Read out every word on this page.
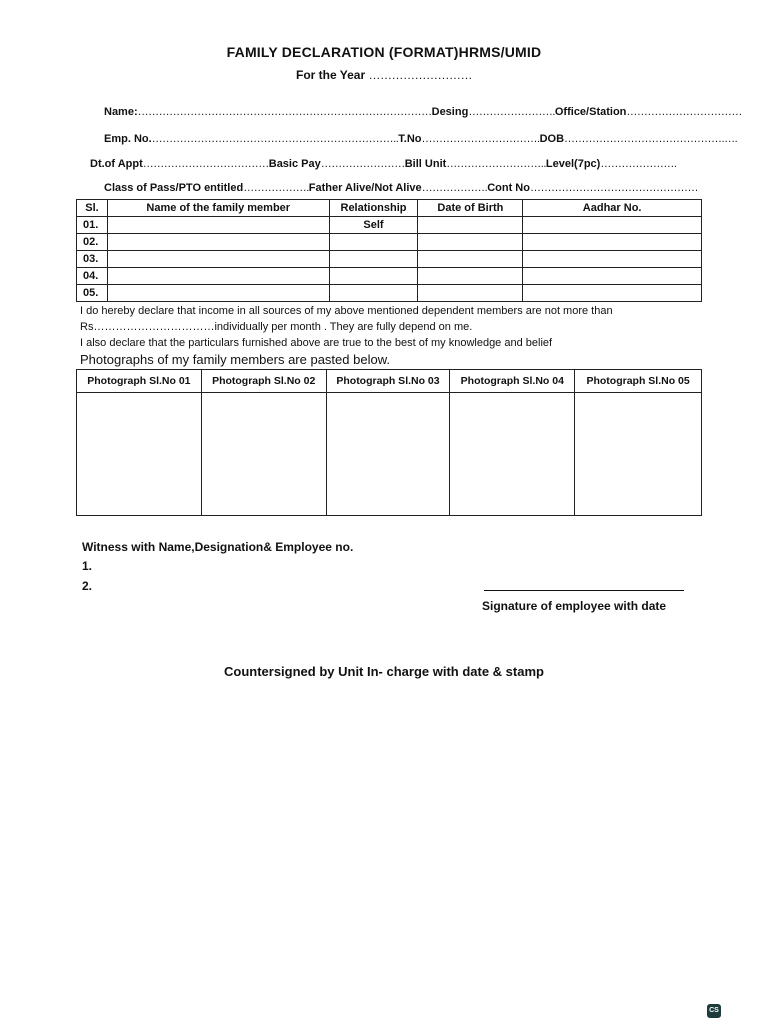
FAMILY DECLARATION (FORMAT)HRMS/UMID
For the Year ………………………
Name:…………………………………………………………………………Desing…………………….Office/Station……………………………
Emp. No.……………………………………………………………..T.No…………………………….DOB……………………………………….….
Dt.of Appt………………………………Basic Pay……………………Bill Unit………………………..Level(7pc)………………….
Class of Pass/PTO entitled……………….Father Alive/Not Alive……………….Cont No…………………………………………
Sl.	Name of the family member	Relationship	Date of Birth	Aadhar No.
01.		Self		
02.				
03.				
04.				
05.				
I do hereby declare that income in all sources of my above mentioned dependent members are not more than
Rs……………………………individually per month . They are fully depend on me.
I also declare that the particulars furnished above are true to the best of my knowledge and belief
Photographs of my family members are pasted below.
Photograph Sl.No 01	Photograph Sl.No 02	Photograph Sl.No 03	Photograph Sl.No 04	Photograph Sl.No 05

Witness with Name,Designation& Employee no.
1.
2.
Signature of employee with date
Countersigned by Unit In- charge with date & stamp
CS
